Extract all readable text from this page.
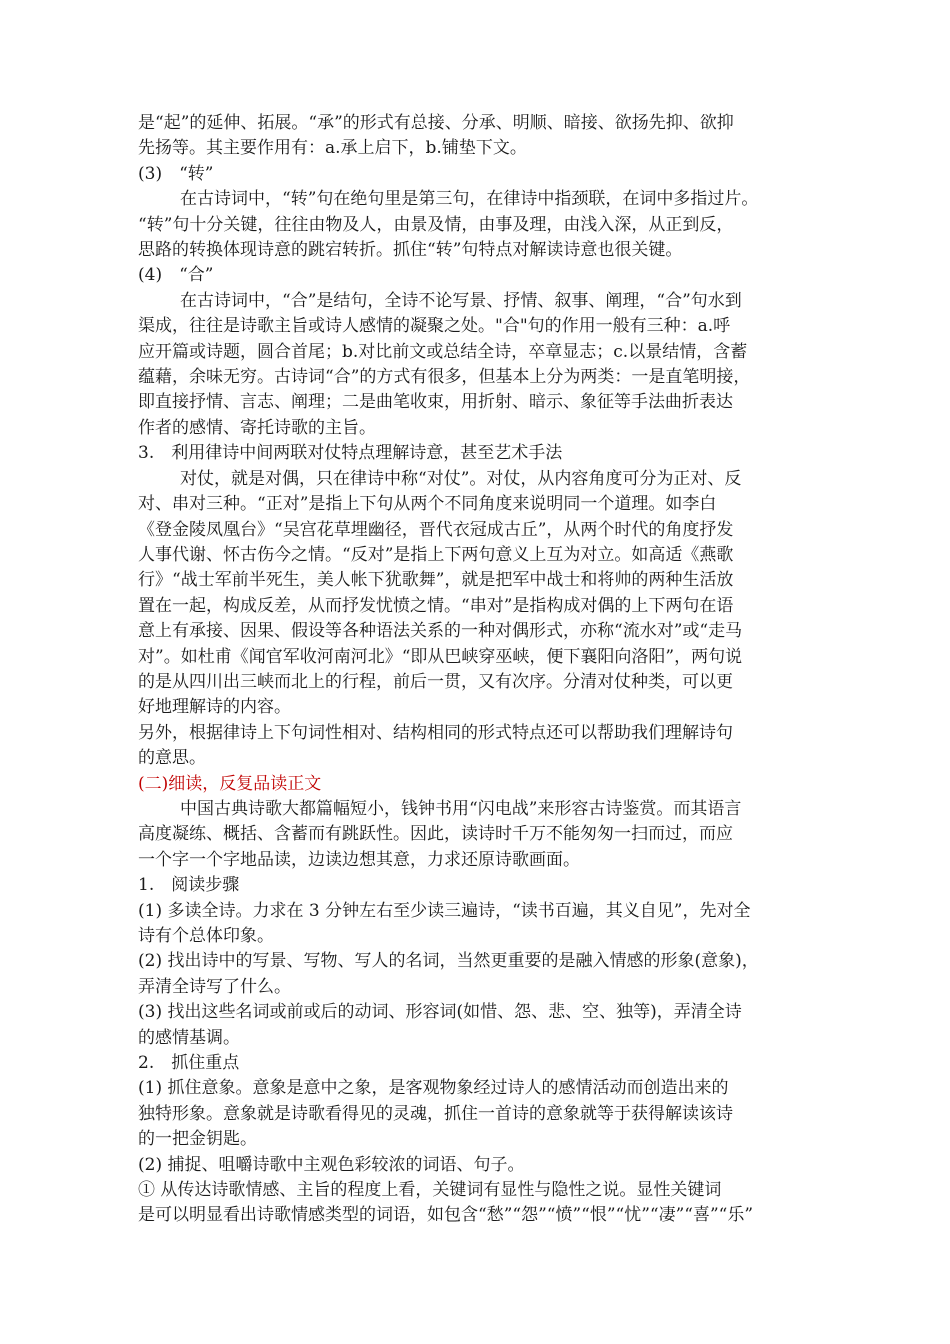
是“起”的延伸、拓展。“承”的形式有总接、分承、明顺、暗接、欲扬先抑、欲抑

先扬等。其主要作用有：a.承上启下，b.铺垫下文。

(3)　“转”

在古诗词中，“转”句在绝句里是第三句，在律诗中指颈联，在词中多指过片。

“转”句十分关键，往往由物及人，由景及情，由事及理，由浅入深，从正到反，

思路的转换体现诗意的跳宕转折。抓住“转”句特点对解读诗意也很关键。

(4)　“合”

在古诗词中，“合”是结句，全诗不论写景、抒情、叙事、阐理，“合”句水到

渠成，往往是诗歌主旨或诗人感情的凝聚之处。"合"句的作用一般有三种：a.呼

应开篇或诗题，圆合首尾；b.对比前文或总结全诗，卒章显志；c.以景结情，含蓄

蕴藉，余味无穷。古诗词“合”的方式有很多，但基本上分为两类：一是直笔明接，

即直接抒情、言志、阐理；二是曲笔收束，用折射、暗示、象征等手法曲折表达

作者的感情、寄托诗歌的主旨。

3.　利用律诗中间两联对仗特点理解诗意，甚至艺术手法

对仗，就是对偶，只在律诗中称“对仗”。对仗，从内容角度可分为正对、反

对、串对三种。“正对”是指上下句从两个不同角度来说明同一个道理。如李白

《登金陵凤凰台》“吴宫花草埋幽径，晋代衣冠成古丘”，从两个时代的角度抒发

人事代谢、怀古伤今之情。“反对”是指上下两句意义上互为对立。如高适《燕歌

行》“战士军前半死生，美人帐下犹歌舞”，就是把军中战士和将帅的两种生活放

置在一起，构成反差，从而抒发忧愤之情。“串对”是指构成对偶的上下两句在语

意上有承接、因果、假设等各种语法关系的一种对偶形式，亦称“流水对”或“走马

对”。如杜甫《闻官军收河南河北》“即从巴峡穿巫峡，便下襄阳向洛阳”，两句说

的是从四川出三峡而北上的行程，前后一贯，又有次序。分清对仗种类，可以更

好地理解诗的内容。

另外，根据律诗上下句词性相对、结构相同的形式特点还可以帮助我们理解诗句

的意思。

(二)细读，反复品读正文

中国古典诗歌大都篇幅短小，钱钟书用“闪电战”来形容古诗鉴赏。而其语言

高度凝练、概括、含蓄而有跳跃性。因此，读诗时千万不能匆匆一扫而过，而应

一个字一个字地品读，边读边想其意，力求还原诗歌画面。

1.　阅读步骤

(1) 多读全诗。力求在 3 分钟左右至少读三遍诗，“读书百遍，其义自见”，先对全

诗有个总体印象。

(2) 找出诗中的写景、写物、写人的名词，当然更重要的是融入情感的形象(意象)，

弄清全诗写了什么。

(3) 找出这些名词或前或后的动词、形容词(如惜、怨、悲、空、独等)，弄清全诗

的感情基调。

2.　抓住重点

(1) 抓住意象。意象是意中之象，是客观物象经过诗人的感情活动而创造出来的

独特形象。意象就是诗歌看得见的灵魂，抓住一首诗的意象就等于获得解读该诗

的一把金钥匙。

(2) 捕捉、咀嚼诗歌中主观色彩较浓的词语、句子。

① 从传达诗歌情感、主旨的程度上看，关键词有显性与隐性之说。显性关键词

是可以明显看出诗歌情感类型的词语，如包含“愁”“怨”“愤”“恨”“忧”“凄”“喜”“乐”
